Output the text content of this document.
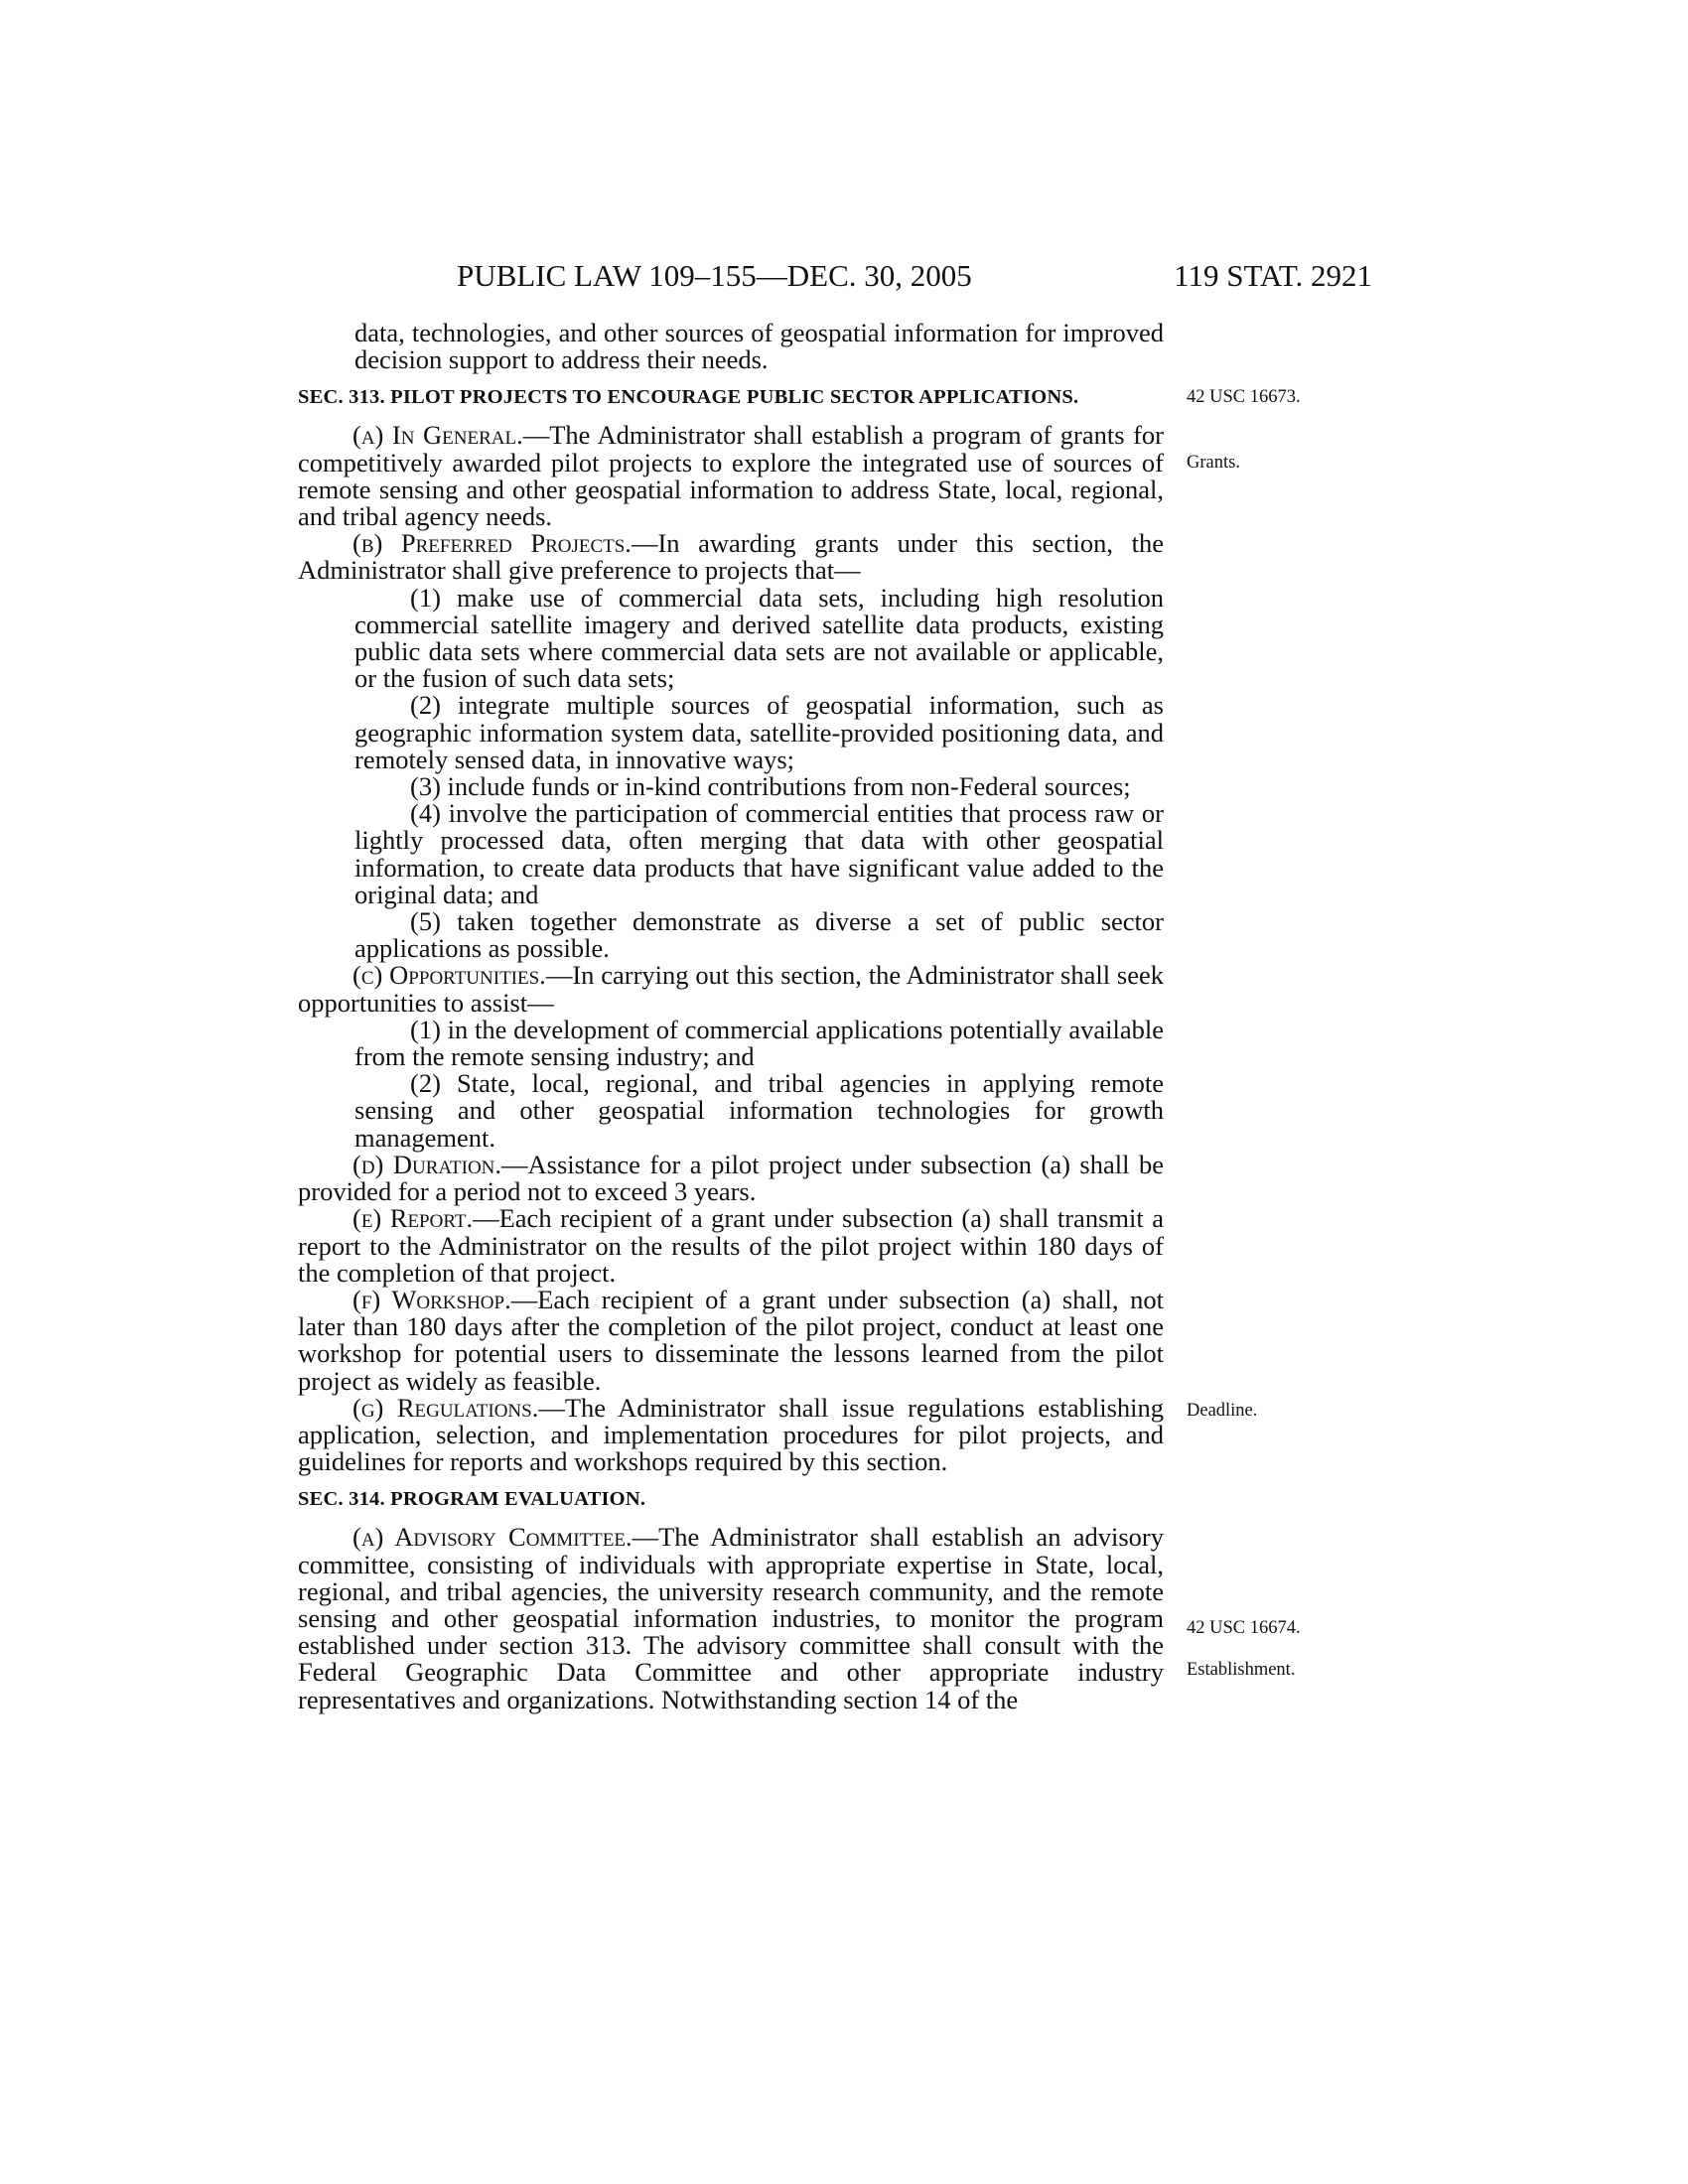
PUBLIC LAW 109–155—DEC. 30, 2005	119 STAT. 2921

data, technologies, and other sources of geospatial information for improved decision support to address their needs.

SEC. 313. PILOT PROJECTS TO ENCOURAGE PUBLIC SECTOR APPLICATIONS.

(a) In General.—The Administrator shall establish a program of grants for competitively awarded pilot projects to explore the integrated use of sources of remote sensing and other geospatial information to address State, local, regional, and tribal agency needs.

(b) Preferred Projects.—In awarding grants under this section, the Administrator shall give preference to projects that—

(1) make use of commercial data sets, including high resolution commercial satellite imagery and derived satellite data products, existing public data sets where commercial data sets are not available or applicable, or the fusion of such data sets;

(2) integrate multiple sources of geospatial information, such as geographic information system data, satellite-provided positioning data, and remotely sensed data, in innovative ways;

(3) include funds or in-kind contributions from non-Federal sources;

(4) involve the participation of commercial entities that process raw or lightly processed data, often merging that data with other geospatial information, to create data products that have significant value added to the original data; and

(5) taken together demonstrate as diverse a set of public sector applications as possible.

(c) Opportunities.—In carrying out this section, the Administrator shall seek opportunities to assist—

(1) in the development of commercial applications potentially available from the remote sensing industry; and

(2) State, local, regional, and tribal agencies in applying remote sensing and other geospatial information technologies for growth management.

(d) Duration.—Assistance for a pilot project under subsection (a) shall be provided for a period not to exceed 3 years.

(e) Report.—Each recipient of a grant under subsection (a) shall transmit a report to the Administrator on the results of the pilot project within 180 days of the completion of that project.

(f) Workshop.—Each recipient of a grant under subsection (a) shall, not later than 180 days after the completion of the pilot project, conduct at least one workshop for potential users to disseminate the lessons learned from the pilot project as widely as feasible.

(g) Regulations.—The Administrator shall issue regulations establishing application, selection, and implementation procedures for pilot projects, and guidelines for reports and workshops required by this section.

SEC. 314. PROGRAM EVALUATION.

(a) Advisory Committee.—The Administrator shall establish an advisory committee, consisting of individuals with appropriate expertise in State, local, regional, and tribal agencies, the university research community, and the remote sensing and other geospatial information industries, to monitor the program established under section 313. The advisory committee shall consult with the Federal Geographic Data Committee and other appropriate industry representatives and organizations. Notwithstanding section 14 of the

42 USC 16673.
Grants.
Deadline.
42 USC 16674.
Establishment.
